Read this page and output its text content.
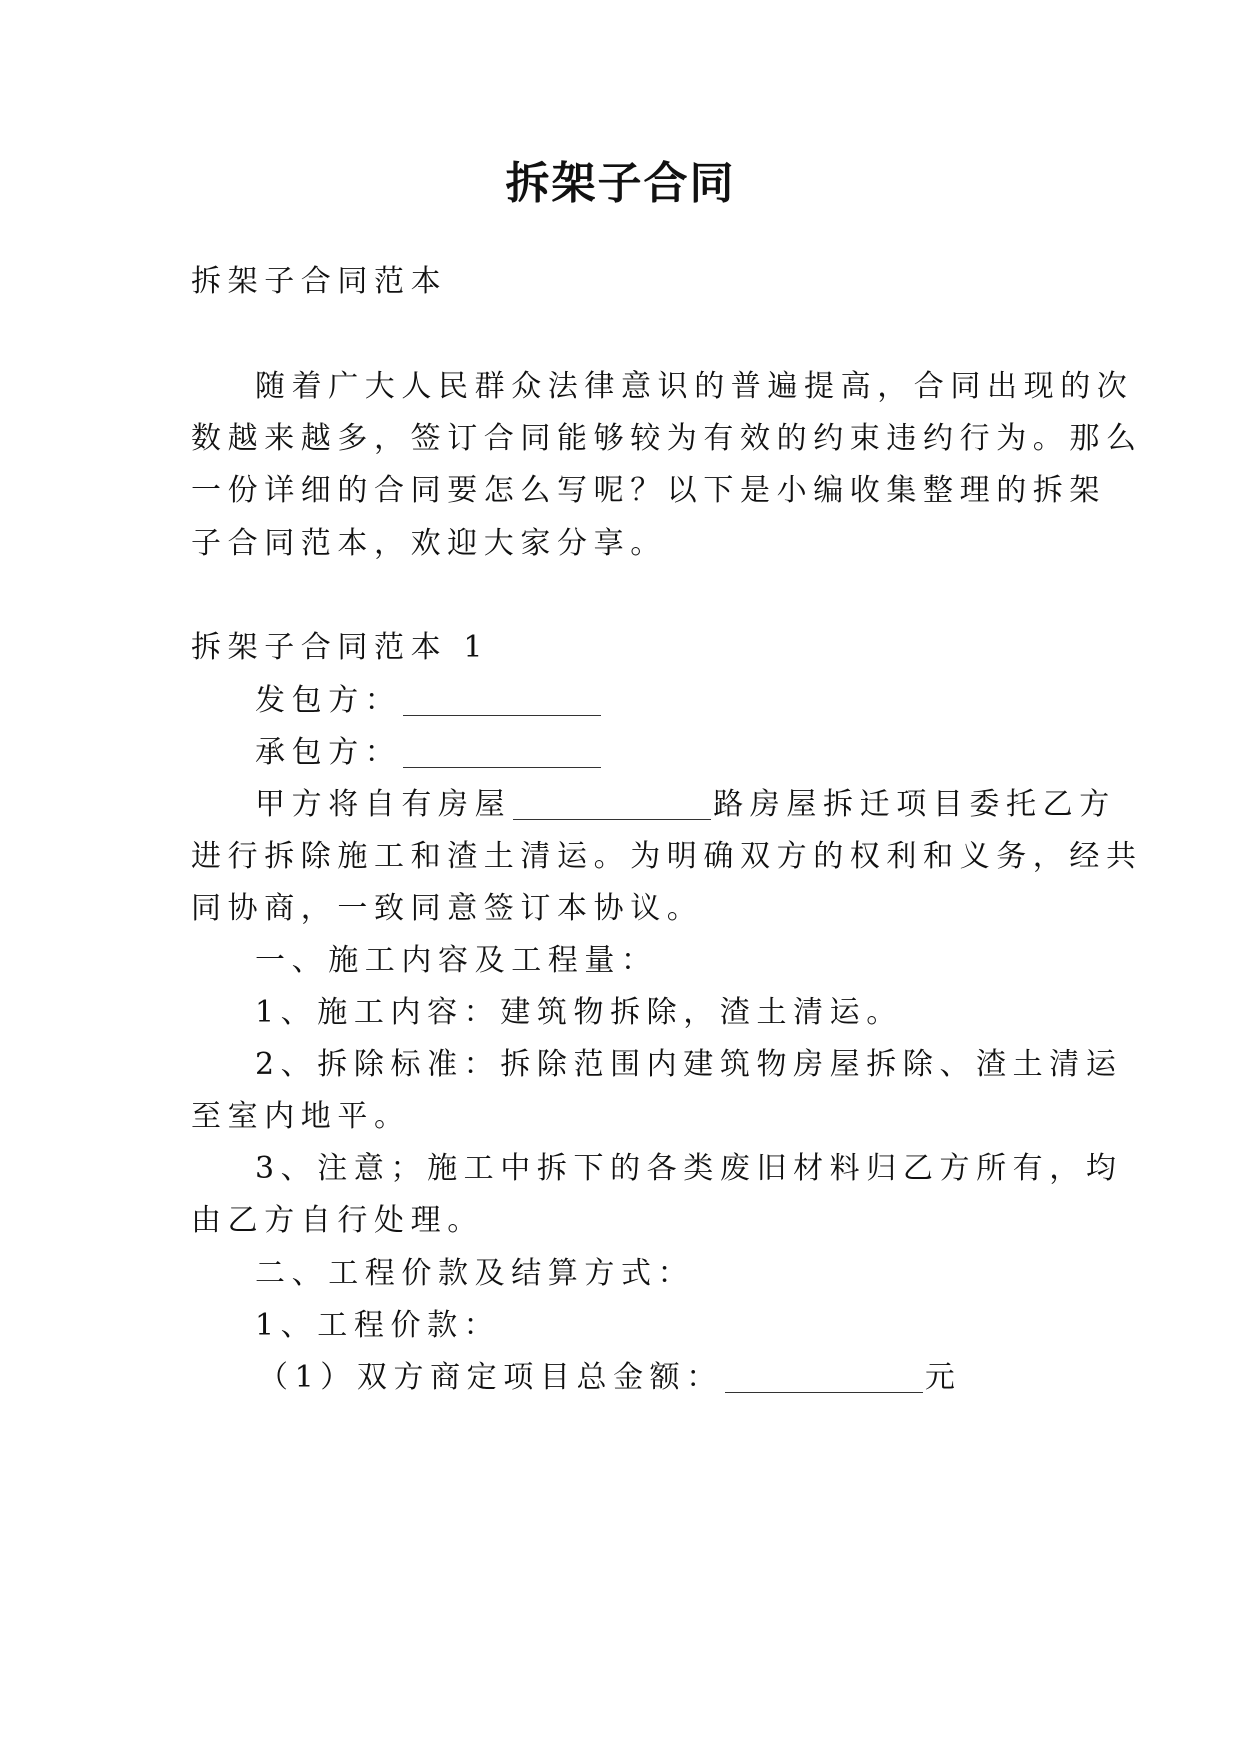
拆架子合同
拆架子合同范本
随着广大人民群众法律意识的普遍提高，合同出现的次
数越来越多，签订合同能够较为有效的约束违约行为。那么
一份详细的合同要怎么写呢？以下是小编收集整理的拆架
子合同范本，欢迎大家分享。
拆架子合同范本 1
发包方：
承包方：
甲方将自有房屋	路房屋拆迁项目委托乙方
进行拆除施工和渣土清运。为明确双方的权利和义务，经共
同协商，一致同意签订本协议。
一、施工内容及工程量：
1、施工内容：建筑物拆除，渣土清运。
2、拆除标准：拆除范围内建筑物房屋拆除、渣土清运
至室内地平。
3、注意；施工中拆下的各类废旧材料归乙方所有，均
由乙方自行处理。
二、工程价款及结算方式：
1、工程价款：
（1）双方商定项目总金额：	元
